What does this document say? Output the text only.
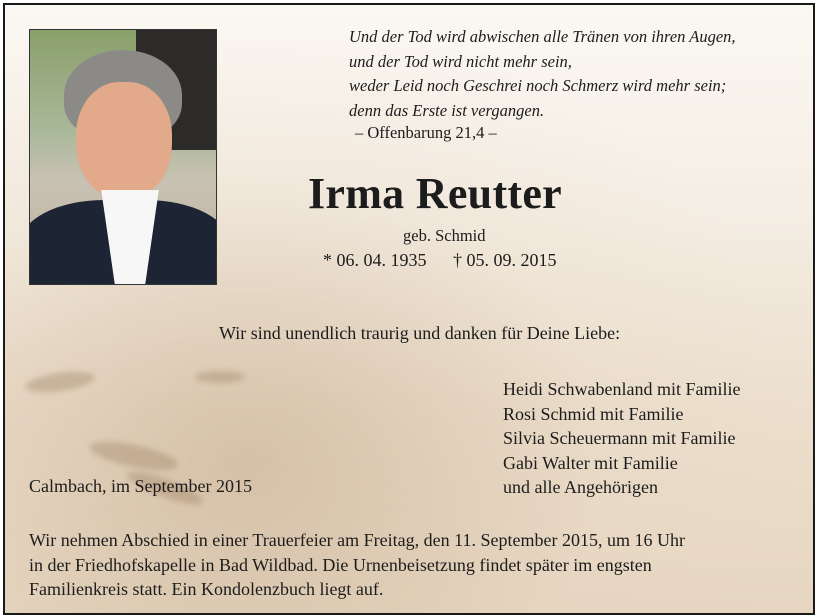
Und der Tod wird abwischen alle Tränen von ihren Augen,
und der Tod wird nicht mehr sein,
weder Leid noch Geschrei noch Schmerz wird mehr sein;
denn das Erste ist vergangen.
– Offenbarung 21,4 –
Irma Reutter
geb. Schmid
* 06. 04. 1935 † 05. 09. 2015
Wir sind unendlich traurig und danken für Deine Liebe:
Heidi Schwabenland mit Familie
Rosi Schmid mit Familie
Silvia Scheuermann mit Familie
Gabi Walter mit Familie
und alle Angehörigen
Calmbach, im September 2015
Wir nehmen Abschied in einer Trauerfeier am Freitag, den 11. September 2015, um 16 Uhr
in der Friedhofskapelle in Bad Wildbad. Die Urnenbeisetzung findet später im engsten
Familienkreis statt. Ein Kondolenzbuch liegt auf.
